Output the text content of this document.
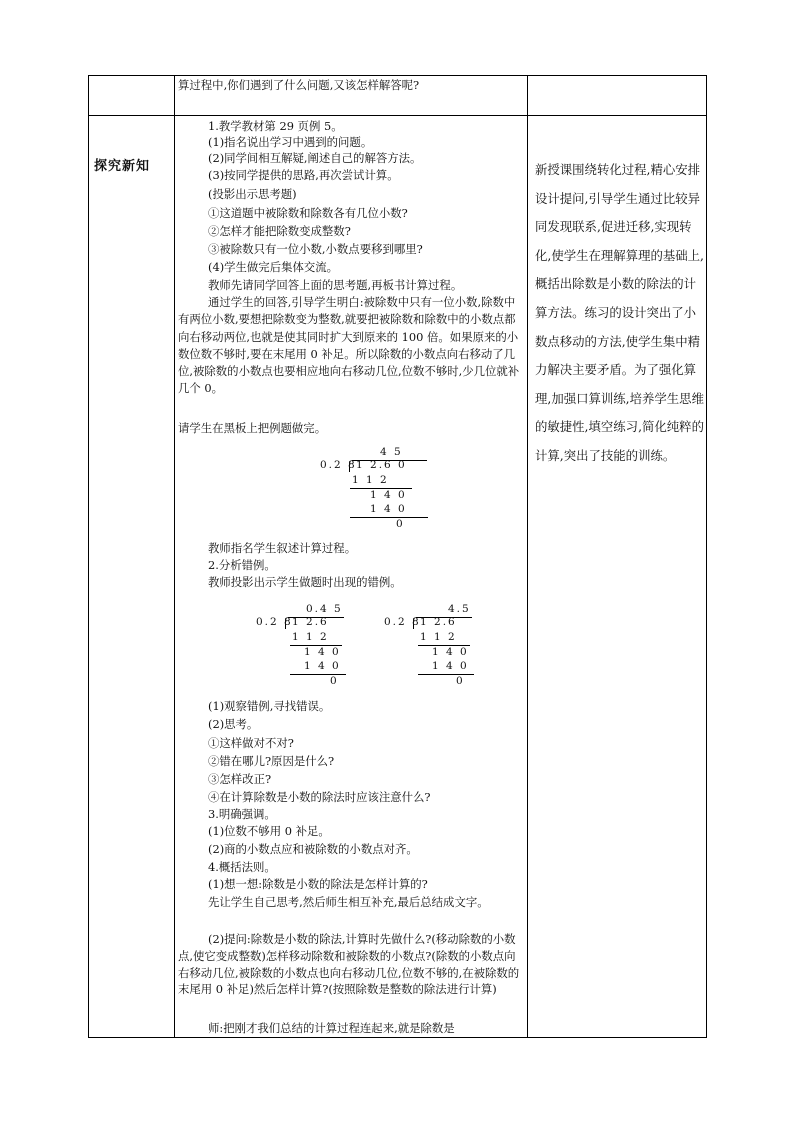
算过程中,你们遇到了什么问题,又该怎样解答呢?
探究新知
1.教学教材第 29 页例 5。
(1)指名说出学习中遇到的问题。
(2)同学间相互解疑,阐述自己的解答方法。
(3)按同学提供的思路,再次尝试计算。
(投影出示思考题)
①这道题中被除数和除数各有几位小数?
②怎样才能把除数变成整数?
③被除数只有一位小数,小数点要移到哪里?
(4)学生做完后集体交流。
教师先请同学回答上面的思考题,再板书计算过程。
通过学生的回答,引导学生明白:被除数中只有一位小数,除数中有两位小数,要想把除数变为整数,就要把被除数和除数中的小数点都向右移动两位,也就是使其同时扩大到原来的 100 倍。如果原来的小数位数不够时,要在末尾用 0 补足。所以除数的小数点向右移动了几位,被除数的小数点也要相应地向右移动几位,位数不够时,少几位就补几个 0。
请学生在黑板上把例题做完。
4 5
0.2 8 1 2.6 0
1 1 2
1 4 0
1 4 0
0
教师指名学生叙述计算过程。
2.分析错例。
教师投影出示学生做题时出现的错例。
0.4 5
0.2 8 1 2.6
1 1 2
1 4 0
1 4 0
0
4.5
0.2 8 1 2.6
1 1 2
1 4 0
1 4 0
0
(1)观察错例,寻找错误。
(2)思考。
①这样做对不对?
②错在哪儿?原因是什么?
③怎样改正?
④在计算除数是小数的除法时应该注意什么?
3.明确强调。
(1)位数不够用 0 补足。
(2)商的小数点应和被除数的小数点对齐。
4.概括法则。
(1)想一想:除数是小数的除法是怎样计算的?
先让学生自己思考,然后师生相互补充,最后总结成文字。
(2)提问:除数是小数的除法,计算时先做什么?(移动除数的小数点,使它变成整数)怎样移动除数和被除数的小数点?(除数的小数点向右移动几位,被除数的小数点也向右移动几位,位数不够的,在被除数的末尾用 0 补足)然后怎样计算?(按照除数是整数的除法进行计算)
师:把刚才我们总结的计算过程连起来,就是除数是
新授课围绕转化过程,精心安排设计提问,引导学生通过比较异同发现联系,促进迁移,实现转化,使学生在理解算理的基础上,概括出除数是小数的除法的计算方法。练习的设计突出了小数点移动的方法,使学生集中精力解决主要矛盾。为了强化算理,加强口算训练,培养学生思维的敏捷性,填空练习,简化纯粹的计算,突出了技能的训练。
